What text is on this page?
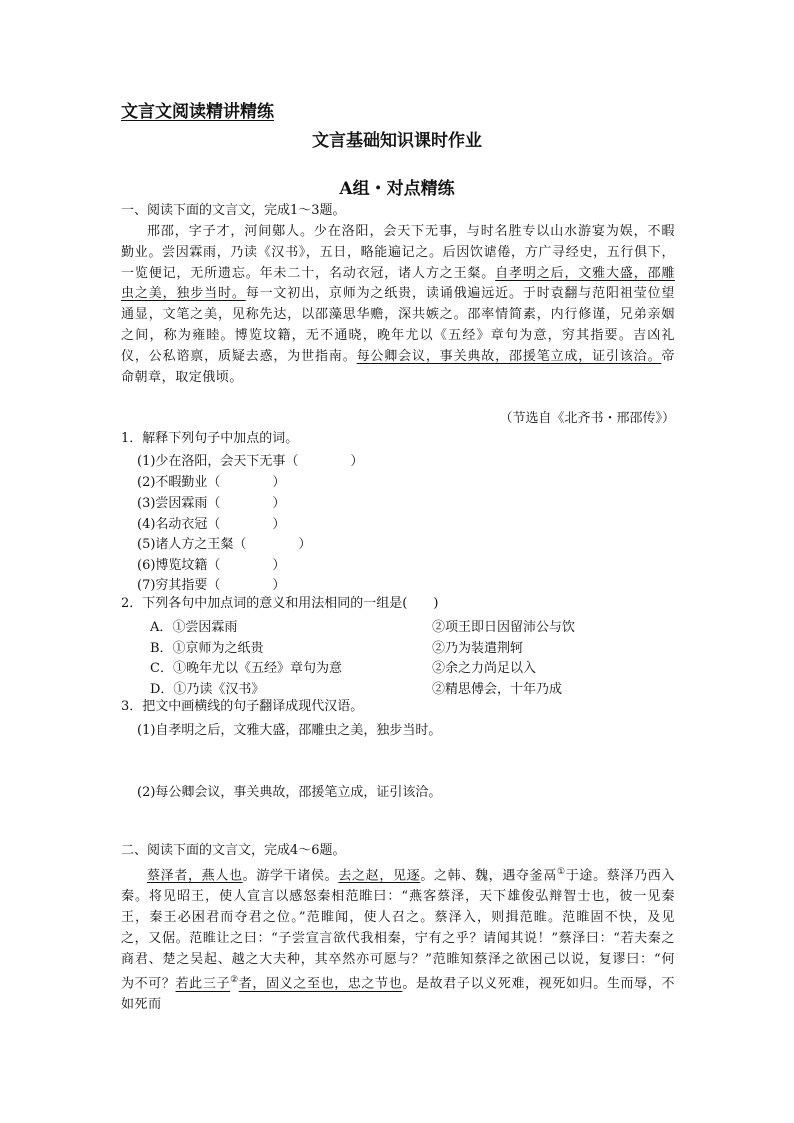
文言文阅读精讲精练
文言基础知识课时作业
A组・对点精练
一、阅读下面的文言文，完成1～3题。

邢邵，字子才，河间鄚人。少在洛阳，会天下无事，与时名胜专以山水游宴为娱，不暇勤业。尝因霖雨，乃读《汉书》，五日，略能遍记之。后因饮谑倦，方广寻经史，五行俱下，一览便记，无所遗忘。年未二十，名动衣冠，诸人方之王粲。自孝明之后，文雅大盛，邵雕虫之美，独步当时。每一文初出，京师为之纸贵，读诵俄遍远近。于时袁翻与范阳祖莹位望通显，文笔之美，见称先达，以邵藻思华赡，深共嫉之。邵率情简素，内行修谨，兄弟亲姻之间，称为雍睦。博览坟籍，无不通晓，晚年尤以《五经》章句为意，穷其指要。吉凶礼仪，公私谘禀，质疑去惑，为世指南。每公卿会议，事关典故，邵援笔立成，证引该洽。帝命朝章，取定俄顷。

（节选自《北齐书・邢邵传》）
1．解释下列句子中加点的词。
(1)少在洛阳，会天下无事（　　　　）
(2)不暇勤业（　　　　）
(3)尝因霖雨（　　　　）
(4)名动衣冠（　　　　）
(5)诸人方之王粲（　　　　）
(6)博览坟籍（　　　　）
(7)穷其指要（　　　　）
2．下列各句中加点词的意义和用法相同的一组是(　　)
A．①尝因霖雨	②项王即日因留沛公与饮
B．①京师为之纸贵	②乃为装遣荆轲
C．①晚年尤以《五经》章句为意	②余之力尚足以入
D．①乃读《汉书》	②精思傅会，十年乃成
3．把文中画横线的句子翻译成现代汉语。
(1)自孝明之后，文雅大盛，邵雕虫之美，独步当时。
(2)每公卿会议，事关典故，邵援笔立成，证引该洽。
二、阅读下面的文言文，完成4～6题。

蔡泽者，燕人也。游学干诸侯。去之赵，见逐。之韩、魏，遇夺釜鬲①于途。蔡泽乃西入秦。将见昭王，使人宣言以感怒秦相范睢曰：“燕客蔡泽，天下雄俊弘辩智士也，彼一见秦王，秦王必困君而夺君之位。”范睢闻，使人召之。蔡泽入，则揖范睢。范睢固不快，及见之，又倨。范睢让之曰：“子尝宣言欲代我相秦，宁有之乎？请闻其说！”蔡泽曰：“若夫秦之商君、楚之吴起、越之大夫种，其卒然亦可愿与？”范睢知蔡泽之欲困己以说，复谬曰：“何为不可？若此三子②者，固义之至也，忠之节也。是故君子以义死难，视死如归。生而辱，不如死而
